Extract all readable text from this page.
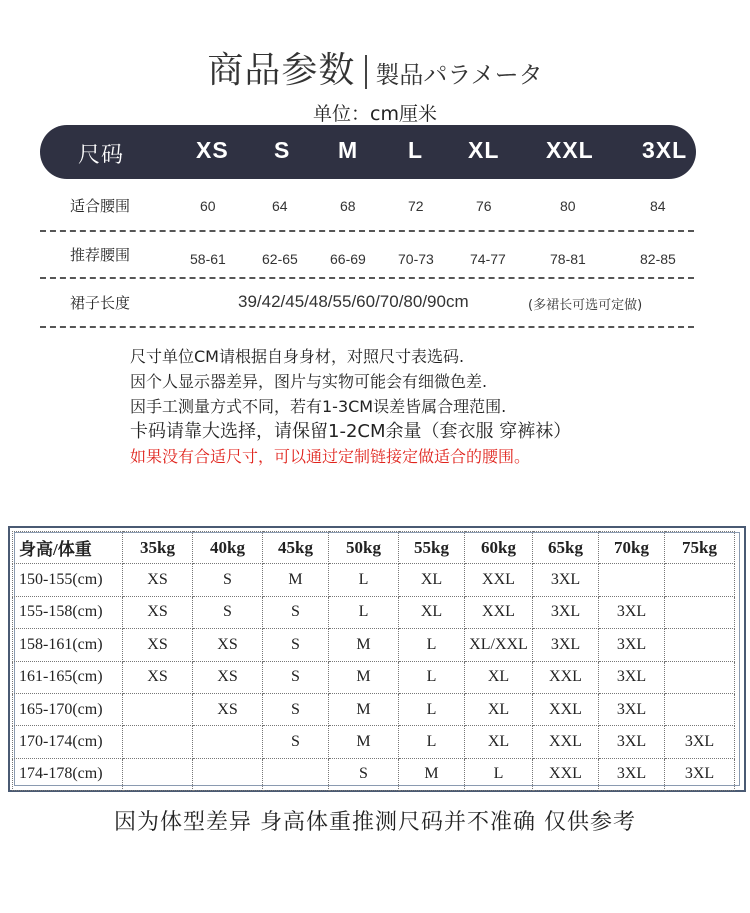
商品参数 製品パラメータ
单位：cm厘米
尺码	XS S M L XL XXL 3XL
适合腰围	60	64	68	72	76	80	84
推荐腰围	58-61	62-65 66-69 70-73	74-77	78-81	82-85
裙子长度	39/42/45/48/55/60/70/80/90cm	(多裙长可选可定做)
尺寸单位CM请根据自身身材，对照尺寸表选码.
因个人显示器差异，图片与实物可能会有细微色差.
因手工测量方式不同，若有1-3CM误差皆属合理范围.
卡码请靠大选择，请保留1-2CM余量（套衣服 穿裤袜）
如果没有合适尺寸，可以通过定制链接定做适合的腰围。
身高/体重	35kg	40kg	45kg	50kg	55kg	60kg	65kg	70kg	75kg
150-155(cm)	XS	S	M	L	XL	XXL	3XL		
155-158(cm)	XS	S	S	L	XL	XXL	3XL	3XL	
158-161(cm)	XS	XS	S	M	L	XL/XXL	3XL	3XL	
161-165(cm)	XS	XS	S	M	L	XL	XXL	3XL	
165-170(cm)		XS	S	M	L	XL	XXL	3XL	
170-174(cm)			S	M	L	XL	XXL	3XL	3XL
174-178(cm)				S	M	L	XXL	3XL	3XL
因为体型差异 身高体重推测尺码并不准确 仅供参考
